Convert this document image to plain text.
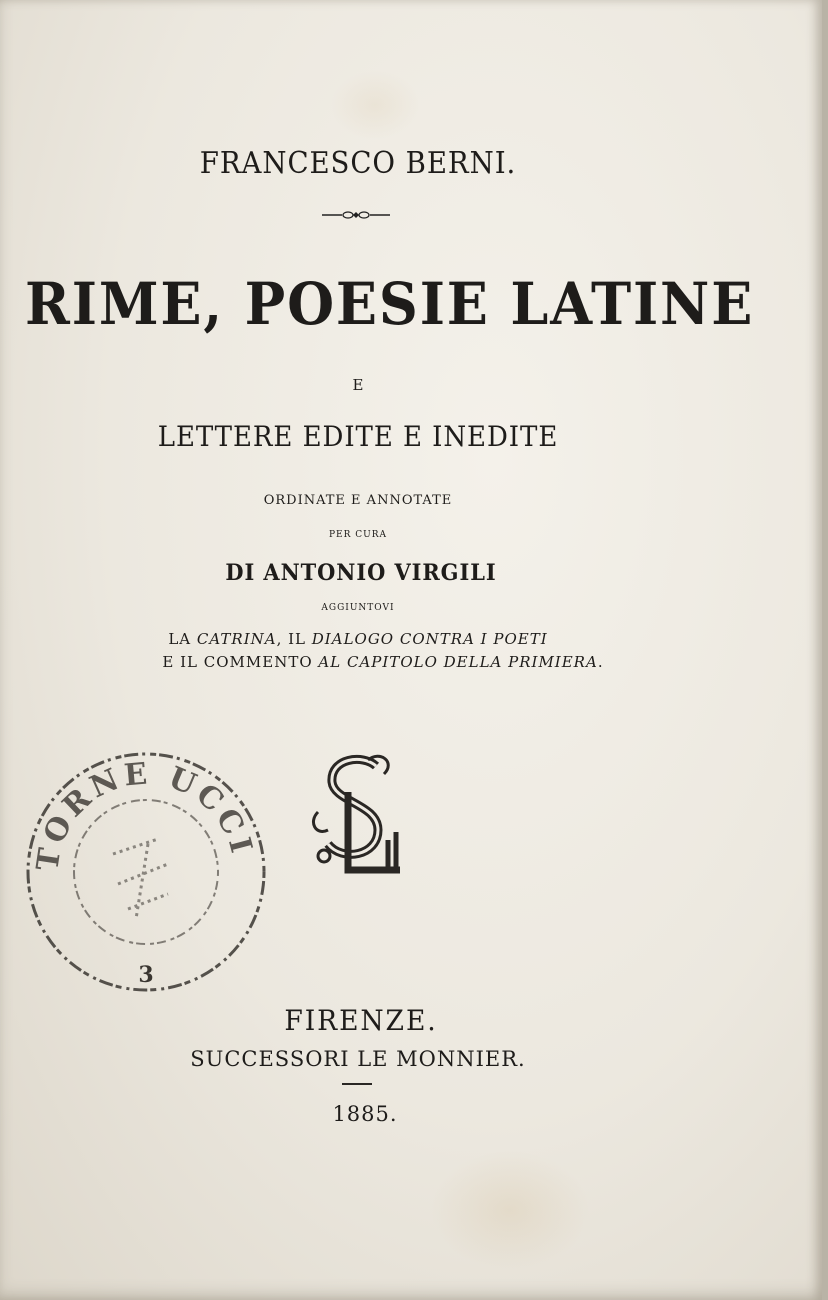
FRANCESCO BERNI.
RIME, POESIE LATINE
E
LETTERE EDITE E INEDITE
ORDINATE E ANNOTATE
PER CURA
DI ANTONIO VIRGILI
AGGIUNTOVI
LA CATRINA, IL DIALOGO CONTRA I POETI
E IL COMMENTO AL CAPITOLO DELLA PRIMIERA.
TORNE UCCI
3
FIRENZE.
SUCCESSORI LE MONNIER.
1885.
